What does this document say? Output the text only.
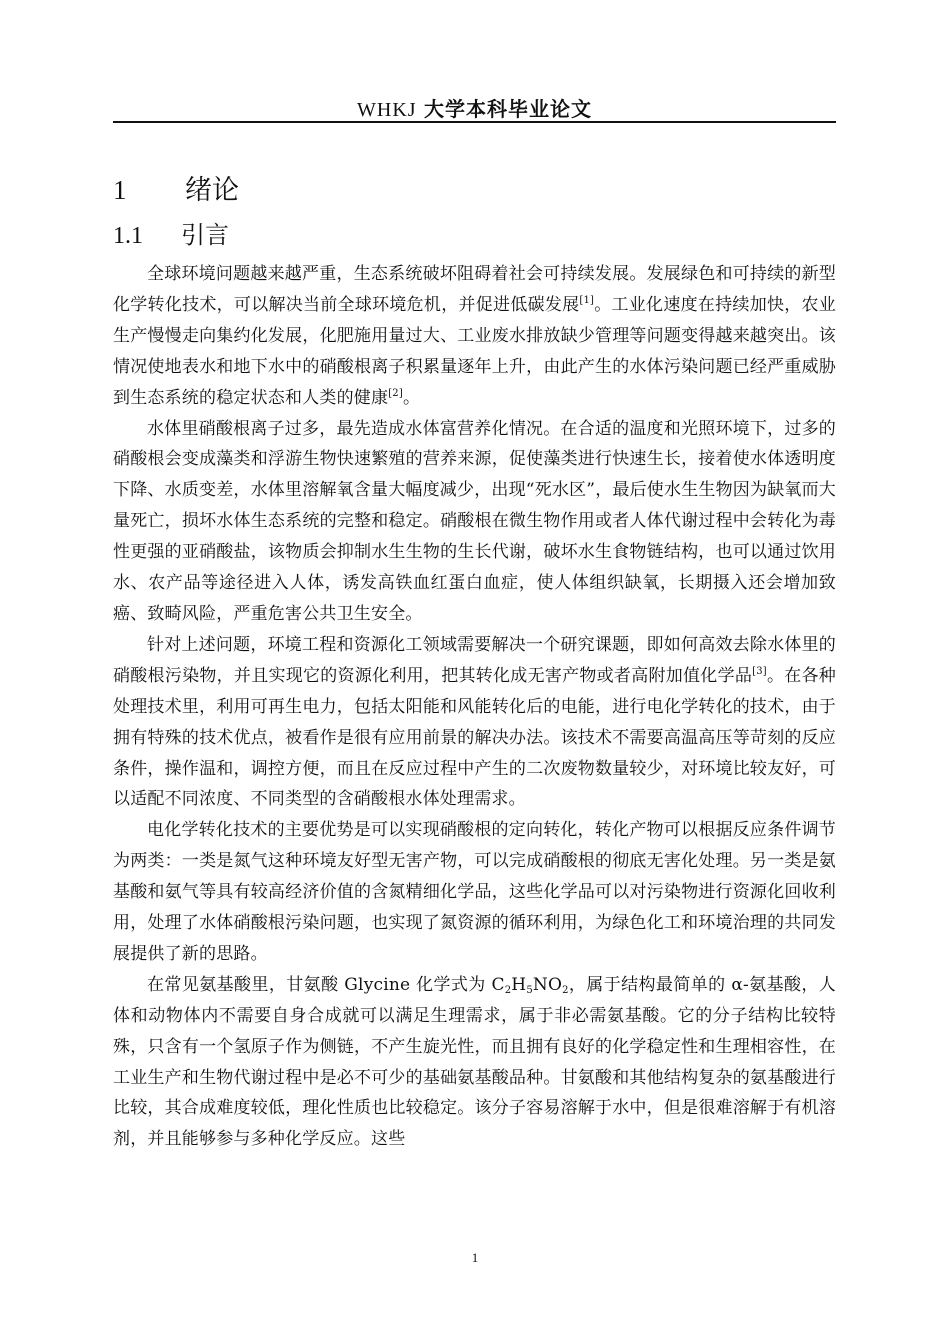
WHKJ 大学本科毕业论文
1 绪论
1.1 引言

全球环境问题越来越严重，生态系统破坏阻碍着社会可持续发展。发展绿色和可持续的新型化学转化技术，可以解决当前全球环境危机，并促进低碳发展[1]。工业化速度在持续加快，农业生产慢慢走向集约化发展，化肥施用量过大、工业废水排放缺少管理等问题变得越来越突出。该情况使地表水和地下水中的硝酸根离子积累量逐年上升，由此产生的水体污染问题已经严重威胁到生态系统的稳定状态和人类的健康[2]。

水体里硝酸根离子过多，最先造成水体富营养化情况。在合适的温度和光照环境下，过多的硝酸根会变成藻类和浮游生物快速繁殖的营养来源，促使藻类进行快速生长，接着使水体透明度下降、水质变差，水体里溶解氧含量大幅度减少，出现“死水区”，最后使水生生物因为缺氧而大量死亡，损坏水体生态系统的完整和稳定。硝酸根在微生物作用或者人体代谢过程中会转化为毒性更强的亚硝酸盐，该物质会抑制水生生物的生长代谢，破坏水生食物链结构，也可以通过饮用水、农产品等途径进入人体，诱发高铁血红蛋白血症，使人体组织缺氧，长期摄入还会增加致癌、致畸风险，严重危害公共卫生安全。

针对上述问题，环境工程和资源化工领域需要解决一个研究课题，即如何高效去除水体里的硝酸根污染物，并且实现它的资源化利用，把其转化成无害产物或者高附加值化学品[3]。在各种处理技术里，利用可再生电力，包括太阳能和风能转化后的电能，进行电化学转化的技术，由于拥有特殊的技术优点，被看作是很有应用前景的解决办法。该技术不需要高温高压等苛刻的反应条件，操作温和，调控方便，而且在反应过程中产生的二次废物数量较少，对环境比较友好，可以适配不同浓度、不同类型的含硝酸根水体处理需求。

电化学转化技术的主要优势是可以实现硝酸根的定向转化，转化产物可以根据反应条件调节为两类：一类是氮气这种环境友好型无害产物，可以完成硝酸根的彻底无害化处理。另一类是氨基酸和氨气等具有较高经济价值的含氮精细化学品，这些化学品可以对污染物进行资源化回收利用，处理了水体硝酸根污染问题，也实现了氮资源的循环利用，为绿色化工和环境治理的共同发展提供了新的思路。

在常见氨基酸里，甘氨酸 Glycine 化学式为 $C_2H_5NO_2$，属于结构最简单的 α-氨基酸，人体和动物体内不需要自身合成就可以满足生理需求，属于非必需氨基酸。它的分子结构比较特殊，只含有一个氢原子作为侧链，不产生旋光性，而且拥有良好的化学稳定性和生理相容性，在工业生产和生物代谢过程中是必不可少的基础氨基酸品种。甘氨酸和其他结构复杂的氨基酸进行比较，其合成难度较低，理化性质也比较稳定。该分子容易溶解于水中，但是很难溶解于有机溶剂，并且能够参与多种化学反应。这些

1
